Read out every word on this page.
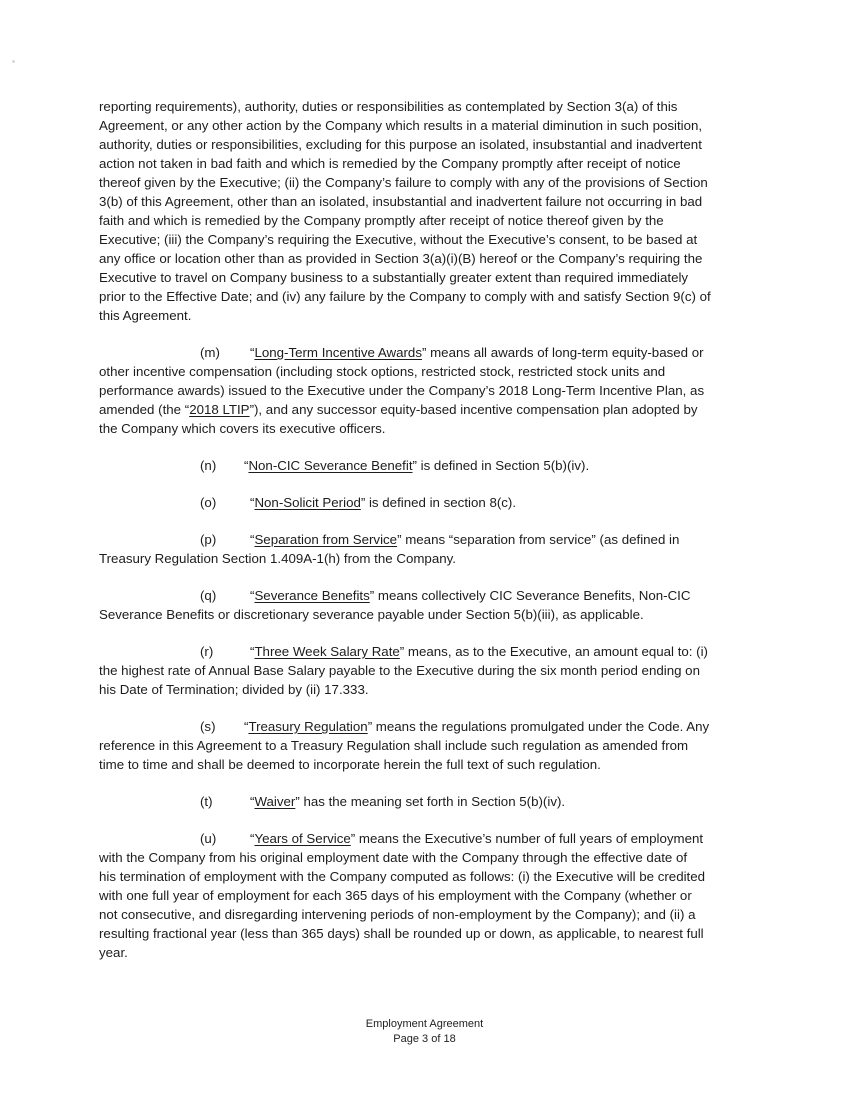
reporting requirements), authority, duties or responsibilities as contemplated by Section 3(a) of this
Agreement, or any other action by the Company which results in a material diminution in such position,
authority, duties or responsibilities, excluding for this purpose an isolated, insubstantial and inadvertent
action not taken in bad faith and which is remedied by the Company promptly after receipt of notice
thereof given by the Executive; (ii) the Company’s failure to comply with any of the provisions of Section
3(b) of this Agreement, other than an isolated, insubstantial and inadvertent failure not occurring in bad
faith and which is remedied by the Company promptly after receipt of notice thereof given by the
Executive; (iii) the Company’s requiring the Executive, without the Executive’s consent, to be based at
any office or location other than as provided in Section 3(a)(i)(B) hereof or the Company’s requiring the
Executive to travel on Company business to a substantially greater extent than required immediately
prior to the Effective Date; and (iv) any failure by the Company to comply with and satisfy Section 9(c) of
this Agreement.
(m) “Long-Term Incentive Awards” means all awards of long-term equity-based or
other incentive compensation (including stock options, restricted stock, restricted stock units and
performance awards) issued to the Executive under the Company’s 2018 Long-Term Incentive Plan, as
amended (the “2018 LTIP”), and any successor equity-based incentive compensation plan adopted by
the Company which covers its executive officers.
(n) “Non-CIC Severance Benefit” is defined in Section 5(b)(iv).
(o)	“Non-Solicit Period” is defined in section 8(c).
(p)	“Separation from Service” means “separation from service” (as defined in
Treasury Regulation Section 1.409A-1(h) from the Company.
(q)	“Severance Benefits” means collectively CIC Severance Benefits, Non-CIC
Severance Benefits or discretionary severance payable under Section 5(b)(iii), as applicable.
(r)	“Three Week Salary Rate” means, as to the Executive, an amount equal to: (i)
the highest rate of Annual Base Salary payable to the Executive during the six month period ending on
his Date of Termination; divided by (ii) 17.333.
(s) “Treasury Regulation” means the regulations promulgated under the Code. Any
reference in this Agreement to a Treasury Regulation shall include such regulation as amended from
time to time and shall be deemed to incorporate herein the full text of such regulation.
(t)	“Waiver” has the meaning set forth in Section 5(b)(iv).
(u)	“Years of Service” means the Executive’s number of full years of employment
with the Company from his original employment date with the Company through the effective date of
his termination of employment with the Company computed as follows: (i) the Executive will be credited
with one full year of employment for each 365 days of his employment with the Company (whether or
not consecutive, and disregarding intervening periods of non-employment by the Company); and (ii) a
resulting fractional year (less than 365 days) shall be rounded up or down, as applicable, to nearest full
year.
Employment Agreement
Page 3 of 18
